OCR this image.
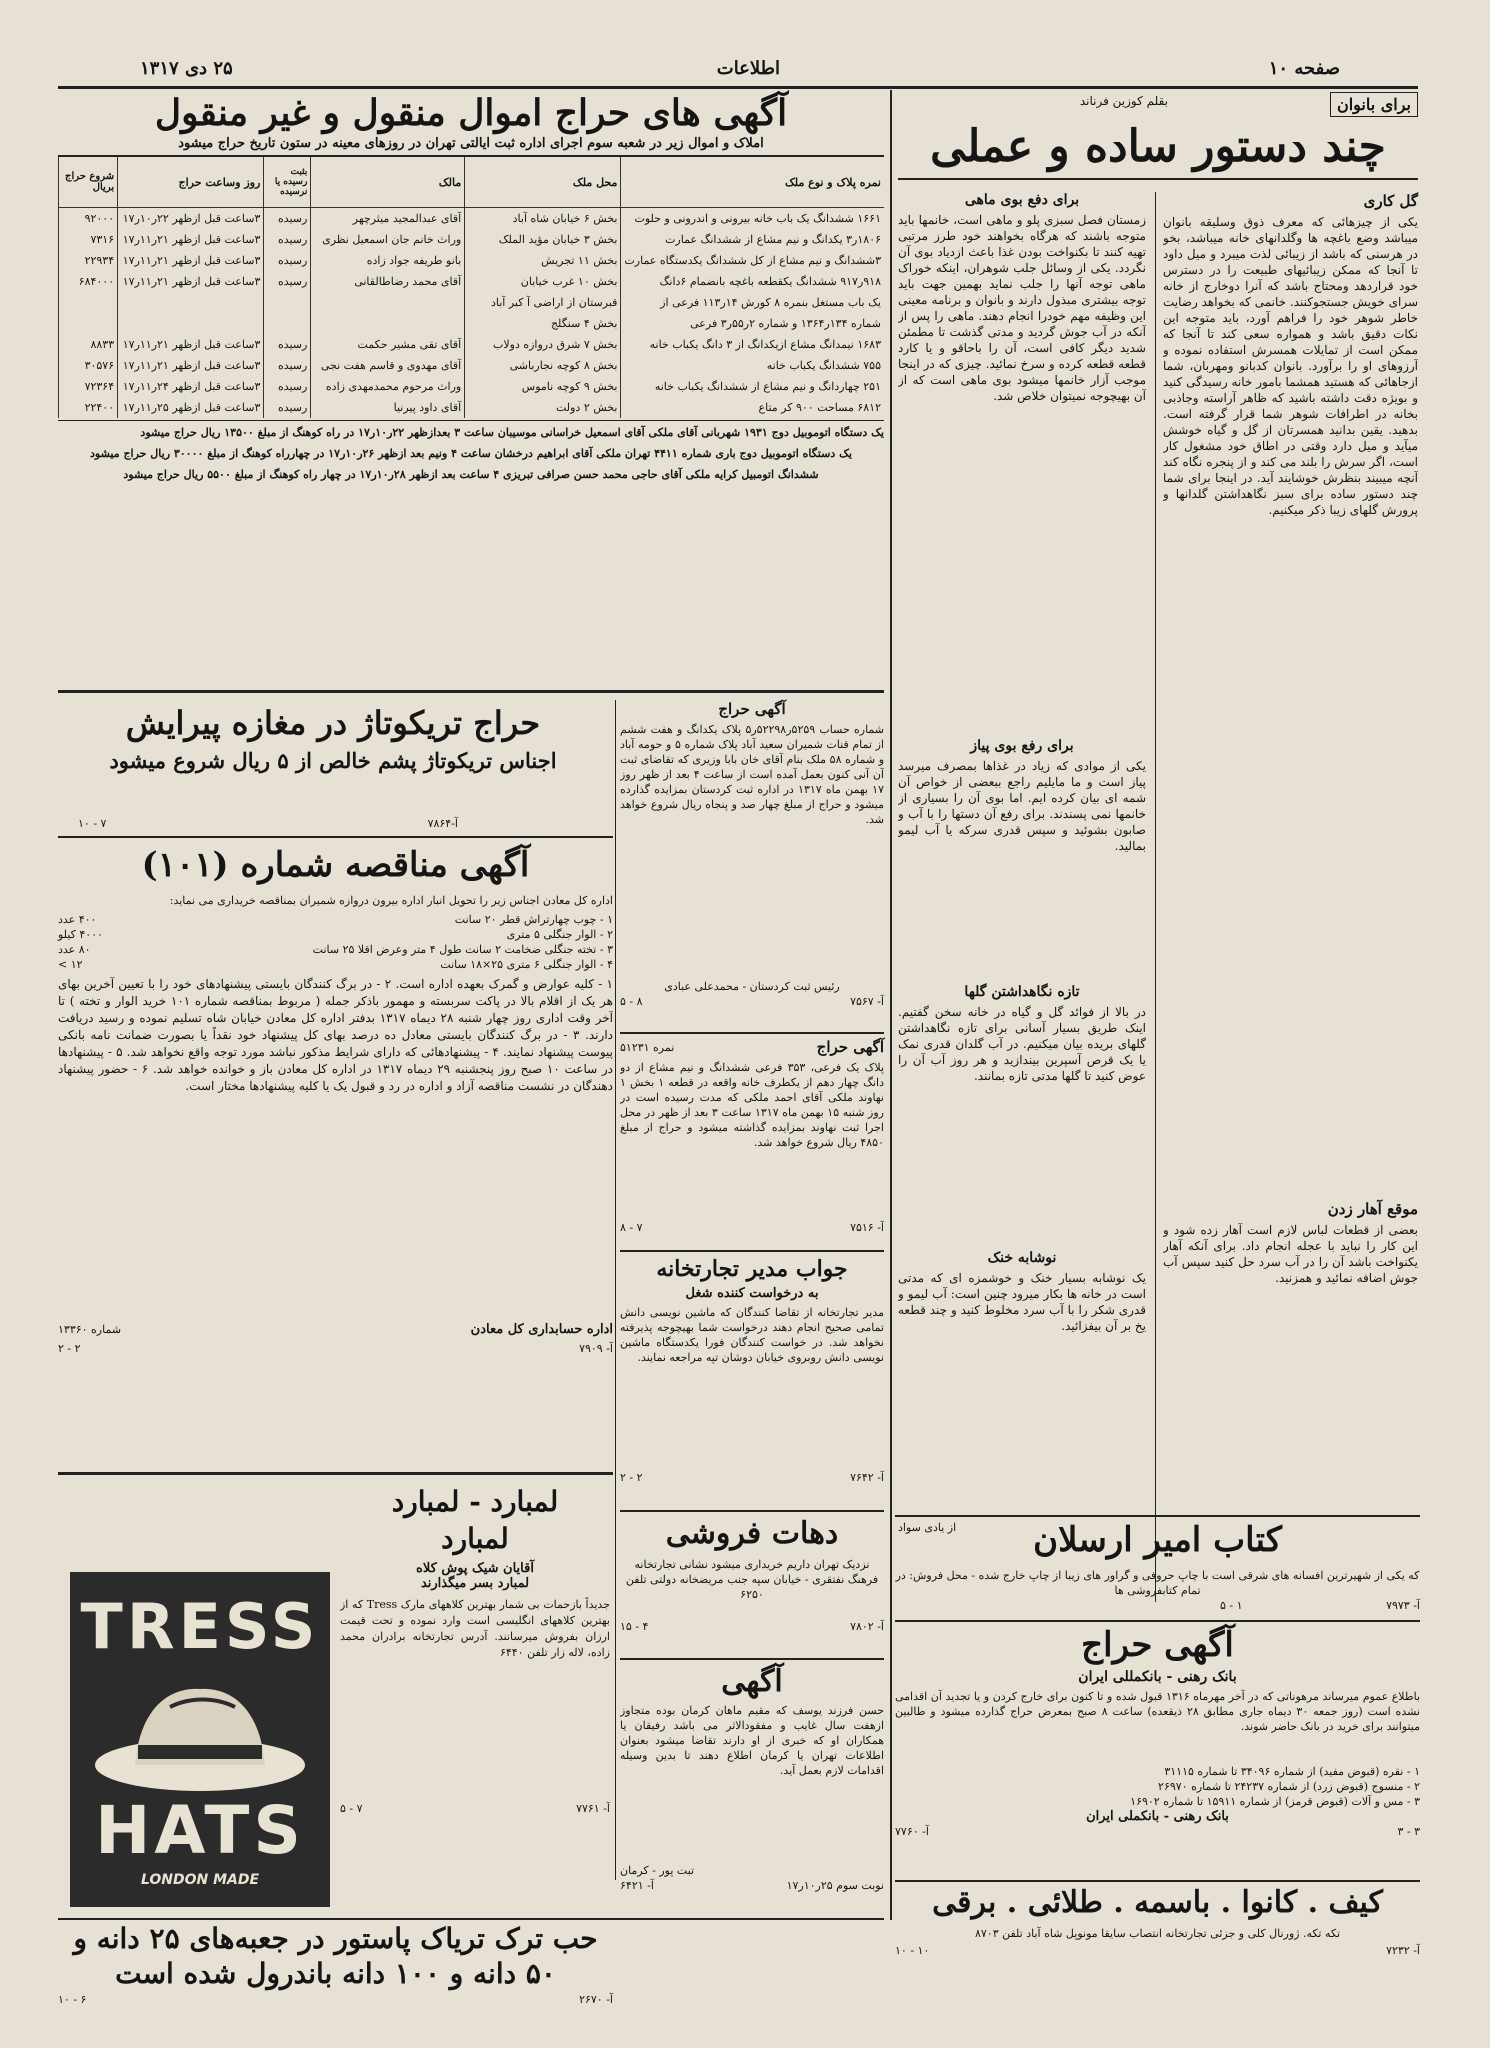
صفحه ۱۰
اطلاعات
۲۵ دی ۱۳۱۷
برای بانوان
بقلم کوزین فرناند
چند دستور ساده و عملی
گل کاری
یکی از چیزهائی که معرف ذوق وسلیقه بانوان میباشد وضع باغچه ها وگلدانهای خانه میباشد، بخو در هرسنی که باشد از زیبائی لذت میبرد و میل داود تا آنجا که ممکن زیبائیهای طبیعت را در دسترس خود قراردهد ومحتاج باشد که آنرا دوخارج از خانه سرای خویش جستجوکنند. خانمی که بخواهد رضایت خاطر شوهر خود را فراهم آورد، باید متوجه این نکات دقیق باشد و همواره سعی کند تا آنجا که ممکن است از تمایلات همسرش استفاده نموده و آرزوهای او را برآورد. بانوان کدبانو ومهربان، شما ازجاهائی که هستید همشما بامور خانه رسیدگی کنید و بویژه دقت داشته باشید که ظاهر آراسته وجاذبی بخانه در اطرافات شوهر شما قرار گرفته است. بدهید. یقین بدانید همسرتان از گل و گیاه خوشش میآید و میل دارد وقتی در اطاق خود مشغول کار است، اگر سرش را بلند می کند و از پنجره نگاه کند آنچه میبیند بنظرش خوشایند آید. در اینجا برای شما چند دستور ساده برای سبز نگاهداشتن گلدانها و پرورش گلهای زیبا ذکر میکنیم.
موقع آهار زدن
بعضی از قطعات لباس لازم است آهار زده شود و این کار را نباید با عجله انجام داد. برای آنکه آهار یکنواخت باشد آن را در آب سرد حل کنید سپس آب جوش اضافه نمائید و همزنید.
برای دفع بوی ماهی
زمستان فصل سبزی پلو و ماهی است، خانمها باید متوجه باشند که هرگاه بخواهند خود طرز مرتبی تهیه کنند تا بکنواخت بودن غذا باعث ازدیاد بوی آن نگردد. یکی از وسائل جلب شوهران، اینکه خوراک ماهی توجه آنها را جلب نماید بهمین جهت باید توجه بیشتری مبذول دارند و بانوان و برنامه معینی این وظیفه مهم خودرا انجام دهند. ماهی را پس از آنکه در آب جوش گردید و مدتی گذشت تا مطمئن شدید دیگر کافی است، آن را باحاقو و یا کارد قطعه قطعه کرده و سرخ نمائید. چیزی که در اینجا موجب آزار خانمها میشود بوی ماهی است که از آن بهیچوجه نمیتوان خلاص شد.
برای رفع بوی پیاز
یکی از موادی که زیاد در غذاها بمصرف میرسد پیاز است و ما مایلیم راجع ببعضی از خواص آن شمه ای بیان کرده ایم. اما بوی آن را بسیاری از خانمها نمی پسندند. برای رفع آن دستها را با آب و صابون بشوئید و سپس قدری سرکه یا آب لیمو بمالید.
تازه نگاهداشتن گلها
در بالا از فوائد گل و گیاه در خانه سخن گفتیم. اینک طریق بسیار آسانی برای تازه نگاهداشتن گلهای بریده بیان میکنیم. در آب گلدان قدری نمک یا یک قرص آسپرین بیندازید و هر روز آب آن را عوض کنید تا گلها مدتی تازه بمانند.
نوشابه خنک
یک نوشابه بسیار خنک و خوشمزه ای که مدتی است در خانه ها بکار میرود چنین است: آب لیمو و قدری شکر را با آب سرد مخلوط کنید و چند قطعه یخ بر آن بیفزائید.
از یادی سواد
آگهی های حراج اموال منقول و غیر منقول
املاک و اموال زیر در شعبه سوم اجرای اداره ثبت ایالتی تهران در روزهای معینه در ستون تاریخ حراج میشود
نمره پلاک و نوع ملک	محل ملک	مالک	بثبت رسیده یا نرسیده	روز وساعت حراج	شروع حراج بریال
۱۶۶۱ ششدانگ یک باب خانه بیرونی و اندرونی و حلوت	بخش ۶ خیابان شاه آباد	آقای عبدالمجید میثرچهر	رسیده	۳ساعت قبل ازظهر ۲۲ر۱۰ر۱۷	۹۲۰۰۰
۱۸۰۶ر۳ یکدانگ و نیم مشاع از ششدانگ عمارت	بخش ۳ خیابان مؤید الملک	وراث خانم جان اسمعیل نظری	رسیده	۳ساعت قبل ازظهر ۲۱ر۱۱ر۱۷	۷۳۱۶
۳ششدانگ و نیم مشاع از کل ششدانگ یکدستگاه عمارت	بخش ۱۱ تجریش	بانو طریفه جواد زاده	رسیده	۳ساعت قبل ازظهر ۲۱ر۱۱ر۱۷	۲۲۹۳۴
۹۱۸ر۹۱۷ ششدانگ یکقطعه باغچه بانضمام ۶دانگ	بخش ۱۰ غرب خیابان	آقای محمد رضاطالقانی	رسیده	۳ساعت قبل ازظهر ۲۱ر۱۱ر۱۷	۶۸۴۰۰۰
یک باب مستغل بنمره ۸ کورش ۱۴ر۱۱۳ فرعی از	قبرستان از اراضی آ کبر آباد				
شماره ۱۳۴ر۱۳۶۴ و شماره ۲ر۵۵ر۳ فرعی	بخش ۴ سنگلج				
۱۶۸۳ نیمدانگ مشاع ازیکدانگ از ۳ دانگ یکباب خانه	بخش ۷ شرق دروازه دولاب	آقای تقی مشیر حکمت	رسیده	۳ساعت قبل ازظهر ۲۱ر۱۱ر۱۷	۸۸۳۳
۷۵۵ ششدانگ یکباب خانه	بخش ۸ کوچه نجارباشی	آقای مهدوی و قاسم هفت نجی	رسیده	۳ساعت قبل ازظهر ۲۱ر۱۱ر۱۷	۳۰۵۷۶
۲۵۱ چهاردانگ و نیم مشاع از ششدانگ یکباب خانه	بخش ۹ کوچه ناموس	وراث مرحوم محمدمهدی زاده	رسیده	۳ساعت قبل ازظهر ۲۴ر۱۱ر۱۷	۷۲۳۶۴
۶۸۱۲ مساحت ۹۰۰ کر متاع	بخش ۲ دولت	آقای داود پیرنیا	رسیده	۳ساعت قبل ازظهر ۲۵ر۱۱ر۱۷	۲۲۴۰۰
یک دستگاه اتوموبیل دوج ۱۹۳۱ شهربانی آقای ملکی آقای اسمعیل خراسانی موسیبان ساعت ۳ بعدازظهر ۲۲ر۱۰ر۱۷ در راه کوهنگ از مبلغ ۱۳۵۰۰ ریال حراج میشود
یک دستگاه اتوموبیل دوج باری شماره ۴۴۱۱ تهران ملکی آقای ابراهیم درخشان ساعت ۴ ونیم بعد ازظهر ۲۶ر۱۰ر۱۷ در چهارراه کوهنگ از مبلغ ۳۰۰۰۰ ریال حراج میشود
ششدانگ اتومبیل کرایه ملکی آقای حاجی محمد حسن صرافی تبریزی ۴ ساعت بعد ازظهر ۲۸ر۱۰ر۱۷ در چهار راه کوهنگ از مبلغ ۵۵۰۰ ریال حراج میشود
حراج تریکوتاژ در مغازه پیرایش
اجناس تریکوتاژ پشم خالص از ۵ ریال شروع میشود
آ-۷۸۶۴
۷ - ۱۰
آگهی مناقصه شماره (۱۰۱)
اداره کل معادن اجناس زیر را تحویل انبار اداره بیرون دروازه شمیران بمناقصه خریداری می نماید:
۱ - چوب چهارتراش قطر ۲۰ سانت
۴۰۰ عدد
۲ - الوار جنگلی ۵ متری
۴۰۰۰ کیلو
۳ - تخته جنگلی ضخامت ۲ سانت طول ۴ متر وعرض اقلا ۲۵ سانت
۸۰ عدد
۴ - الوار جنگلی ۶ متری ۲۵×۱۸ سانت
۱۲ >
۱ - کلیه عوارض و گمرک بعهده اداره است. ۲ - در برگ کنندگان بایستی پیشنهادهای خود را با تعیین آخرین بهای هر یک از اقلام بالا در پاکت سربسته و مهمور باذکر جمله ( مربوط بمناقصه شماره ۱۰۱ خرید الوار و تخته ) تا آخر وقت اداری روز چهار شنبه ۲۸ دیماه ۱۳۱۷ بدفتر اداره کل معادن خیابان شاه تسلیم نموده و رسید دریافت دارند. ۳ - در برگ کنندگان بایستی معادل ده درصد بهای کل پیشنهاد خود نقداً یا بصورت ضمانت نامه بانکی پیوست پیشنهاد نمایند. ۴ - پیشنهادهائی که دارای شرایط مذکور نباشد مورد توجه واقع نخواهد شد. ۵ - پیشنهادها در ساعت ۱۰ صبح روز پنجشنبه ۲۹ دیماه ۱۳۱۷ در اداره کل معادن باز و خوانده خواهد شد. ۶ - حضور پیشنهاد دهندگان در نشست مناقصه آزاد و اداره در رد و قبول یک یا کلیه پیشنهادها مختار است.
اداره حسابداری کل معادن
شماره ۱۳۳۶۰
آ- ۷۹۰۹
۲ - ۲
آگهی حراج
شماره حساب ۵۲۵۹ر۵۲۲۹۸ر۵ پلاک یکدانگ و هفت ششم از تمام قنات شمیران سعید آباد پلاک شماره ۵ و حومه آباد و شماره ۵۸ ملک بنام آقای خان بابا وزیری که تقاضای ثبت آن آنی کنون بعمل آمده است از ساعت ۴ بعد از ظهر روز ۱۷ بهمن ماه ۱۳۱۷ در اداره ثبت کردستان بمزایده گذارده میشود و حراج از مبلغ چهار صد و پنجاه ریال شروع خواهد شد.
رئیس ثبت کردستان - محمدعلی عبادی
آ- ۷۵۶۷
۸ - ۵
آگهی حراج
نمره ۵۱۲۳۱
پلاک یک فرعی، ۳۵۳ فرعی ششدانگ و نیم مشاع از دو دانگ چهار دهم از یکطرف خانه واقعه در قطعه ۱ بخش ۱ نهاوند ملکی آقای احمد ملکی که مدت رسیده است در روز شنبه ۱۵ بهمن ماه ۱۳۱۷ ساعت ۳ بعد از ظهر در محل اجرا ثبت نهاوند بمزایده گذاشته میشود و حراج از مبلغ ۴۸۵۰ ریال شروع خواهد شد.
آ- ۷۵۱۶
۷ - ۸
جواب مدیر تجارتخانه
به درخواست کننده شغل
مدیر تجارتخانه از تقاضا کنندگان که ماشین نویسی دانش تمامی صحیح انجام دهند درخواست شما بهیچوجه پذیرفته نخواهد شد. در خواست کنندگان فورا یکدستگاه ماشین نویسی دانش روبروی خیابان دوشان تپه مراجعه نمایند.
آ- ۷۶۴۲
۲ - ۲
دهات فروشی
نزدیک تهران داریم خریداری میشود نشانی تجارتخانه فرهنگ نفتقری - خیابان سپه جنب مریضخانه دولتی تلفن ۶۲۵۰
آ- ۷۸۰۲
۴ - ۱۵
آگهی
حسن فرزند یوسف که مقیم ماهان کرمان بوده متجاوز ازهفت سال غایب و مفقودالاثر می باشد رفیقان یا همکاران او که خبری از او دارند تقاضا میشود بعنوان اطلاعات تهران یا کرمان اطلاع دهند تا بدین وسیله اقدامات لازم بعمل آید.
تبت پور - کرمان
نوبت سوم ۲۵ر۱۰ر۱۷
آ- ۶۴۲۱
لمبارد - لمبارد
لمبارد
آقایان شیک پوش کلاه
لمبارد بسر میگذارند
جدیداً بازحمات بی شمار بهترین کلاههای مارک Tress که از بهترین کلاههای انگلیسی است وارد نموده و تحت قیمت ارزان بفروش میرسانند. آدرس تجارتخانه برادران محمد زاده، لاله زار تلفن ۶۴۴۰
آ- ۷۷۶۱
۷ - ۵
TRESS
HATS
LONDON MADE
کتاب امیر ارسلان
که یکی از شهیرترین افسانه های شرقی است با چاپ حروفی و گراور های زیبا از چاپ خارج شده - محل فروش: در تمام کتابفروشی ها
آ- ۷۹۷۳
۱ - ۵
آگهی حراج
بانک رهنی - بانکمللی ایران
باطلاع عموم میرساند مرهوناتی که در آخر مهرماه ۱۳۱۶ قبول شده و تا کنون برای خارج کردن و یا تجدید آن اقدامی نشده است (روز جمعه ۳۰ دیماه جاری مطابق ۲۸ ذیقعده) ساعت ۸ صبح بمعرض حراج گذارده میشود و طالبین میتوانند برای خرید در بانک حاضر شوند.
۱ - نقره (قبوض مفید) از شماره ۳۴۰۹۶ تا شماره ۳۱۱۱۵
۲ - منسوج (قبوض زرد) از شماره ۲۴۲۳۷ تا شماره ۲۶۹۷۰
۳ - مس و آلات (قبوض قرمز) از شماره ۱۵۹۱۱ تا شماره ۱۶۹۰۲
بانک رهنی - بانکملی ایران
۳ - ۳
آ- ۷۷۶۰
کیف . کانوا . باسمه . طلائی . برقی
تکه تکه. ژورنال کلی و جزئی تجارتخانه انتصاب سایقا مونوپل شاه آباد تلفن ۸۷۰۳
آ- ۷۲۳۲
۱۰ - ۱۰
حب ترک تریاک پاستور در جعبه‌های ۲۵ دانه و
۵۰ دانه و ۱۰۰ دانه باندرول شده است
آ- ۲۶۷۰
۶ - ۱۰
